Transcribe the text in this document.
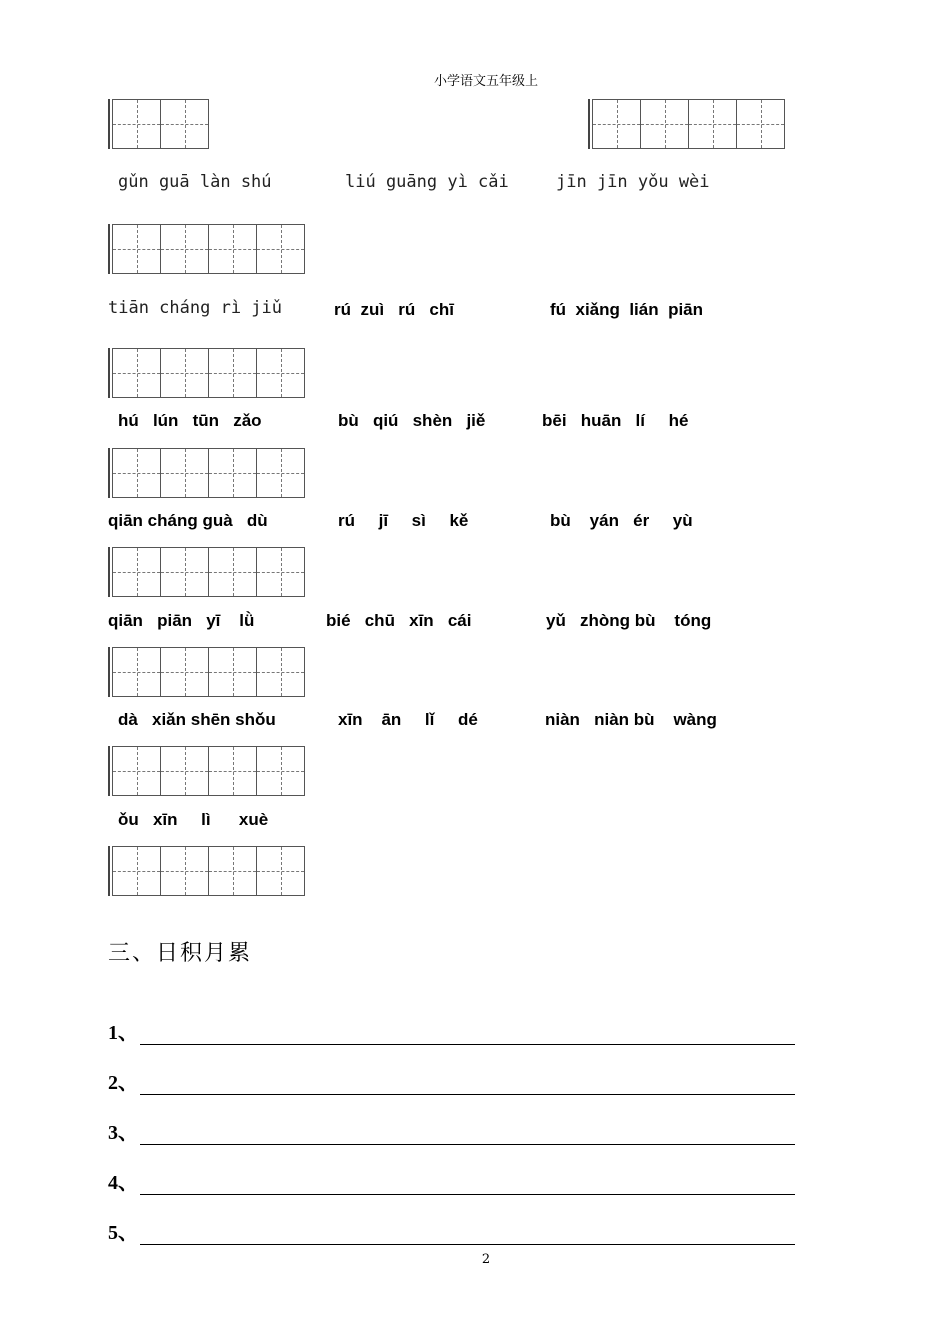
小学语文五年级上
gǔn guā làn shú	liú guāng yì cǎi	jīn jīn yǒu wèi
tiān cháng rì jiǔ	rú  zuì   rú   chī	fú  xiǎng  lián  piān
hú   lún   tūn   zǎo	bù   qiú   shèn   jiě	bēi   huān   lí     hé
qiān cháng guà   dù	rú     jī     sì     kě	bù    yán   ér     yù
qiān   piān   yī    lǜ	bié   chū   xīn   cái	yǔ   zhòng bù    tóng
dà   xiǎn shēn shǒu	xīn    ān     lǐ     dé	niàn   niàn bù    wàng
ǒu   xīn     lì      xuè
三、日积月累
1、
2、
3、
4、
5、
2
